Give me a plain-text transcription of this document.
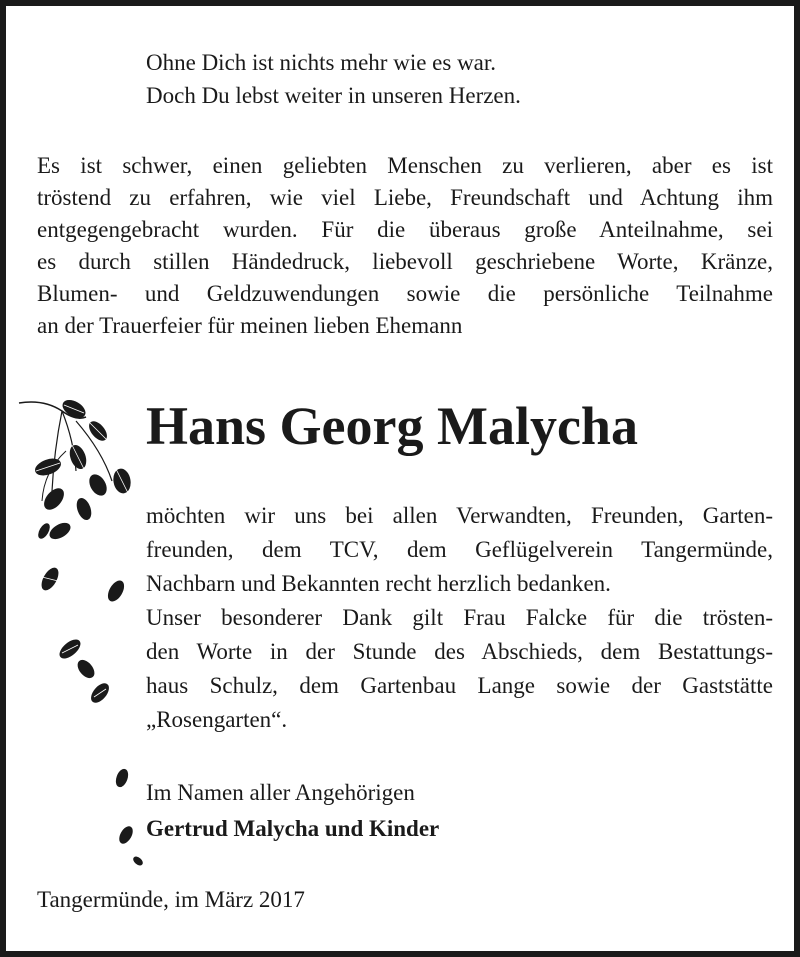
Ohne Dich ist nichts mehr wie es war.
Doch Du lebst weiter in unseren Herzen.
Es ist schwer, einen geliebten Menschen zu verlieren, aber es ist
tröstend zu erfahren, wie viel Liebe, Freundschaft und Achtung ihm
entgegengebracht wurden. Für die überaus große Anteilnahme, sei
es durch stillen Händedruck, liebevoll geschriebene Worte, Kränze,
Blumen- und Geldzuwendungen sowie die persönliche Teilnahme
an der Trauerfeier für meinen lieben Ehemann
Hans Georg Malycha
möchten wir uns bei allen Verwandten, Freunden, Garten-
freunden, dem TCV, dem Geflügelverein Tangermünde,
Nachbarn und Bekannten recht herzlich bedanken.
Unser besonderer Dank gilt Frau Falcke für die trösten-
den Worte in der Stunde des Abschieds, dem Bestattungs-
haus Schulz, dem Gartenbau Lange sowie der Gaststätte
„Rosengarten“.
Im Namen aller Angehörigen
Gertrud Malycha und Kinder
Tangermünde, im März 2017
